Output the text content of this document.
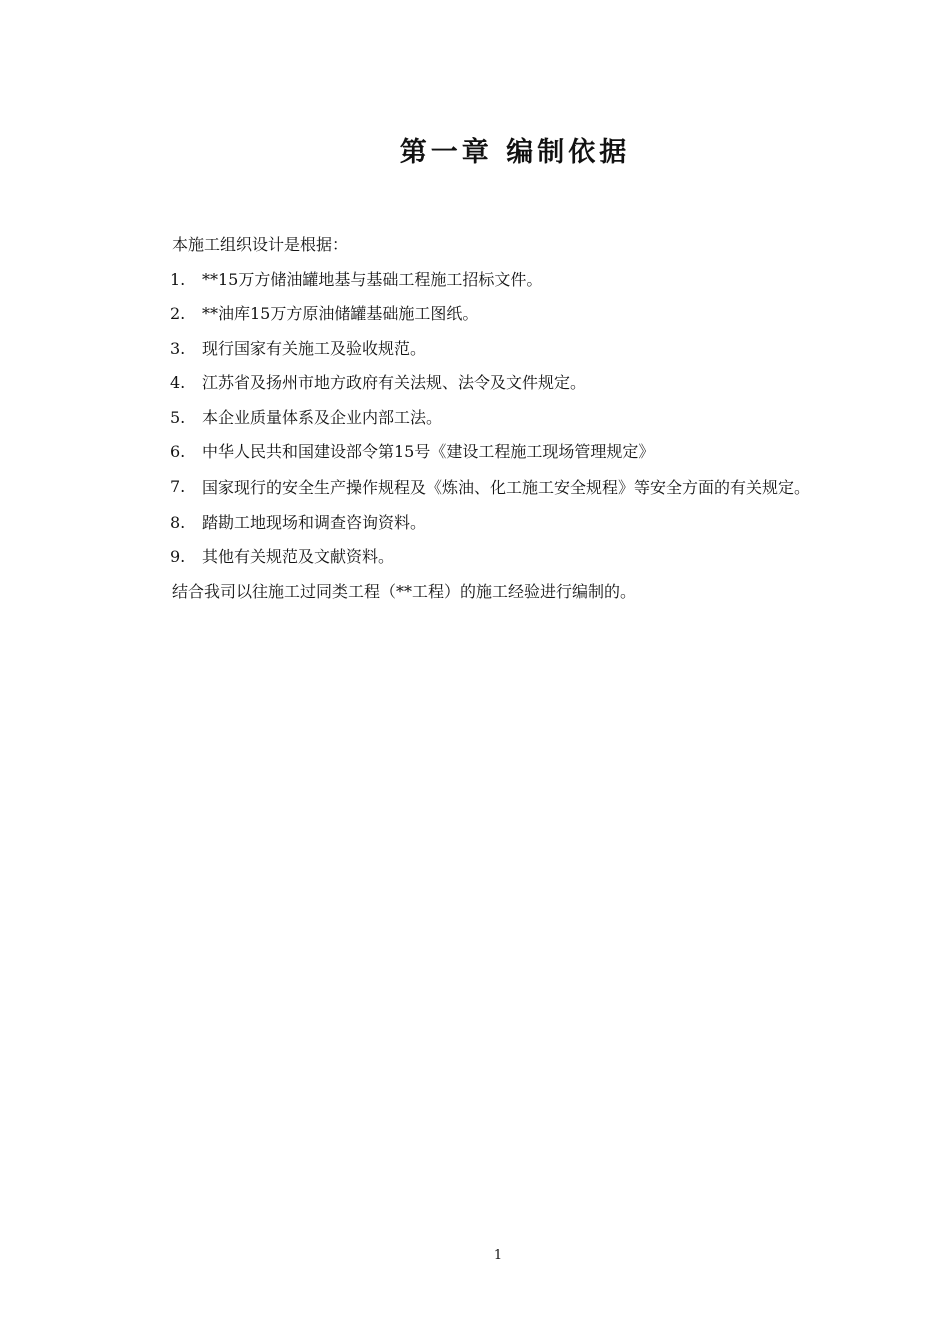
第一章 编制依据
本施工组织设计是根据：
1. **15万方储油罐地基与基础工程施工招标文件。
2. **油库15万方原油储罐基础施工图纸。
3. 现行国家有关施工及验收规范。
4. 江苏省及扬州市地方政府有关法规、法令及文件规定。
5. 本企业质量体系及企业内部工法。
6. 中华人民共和国建设部令第15号《建设工程施工现场管理规定》
7. 国家现行的安全生产操作规程及《炼油、化工施工安全规程》等安全方面的有关规定。
8. 踏勘工地现场和调查咨询资料。
9. 其他有关规范及文献资料。
结合我司以往施工过同类工程（**工程）的施工经验进行编制的。
1
